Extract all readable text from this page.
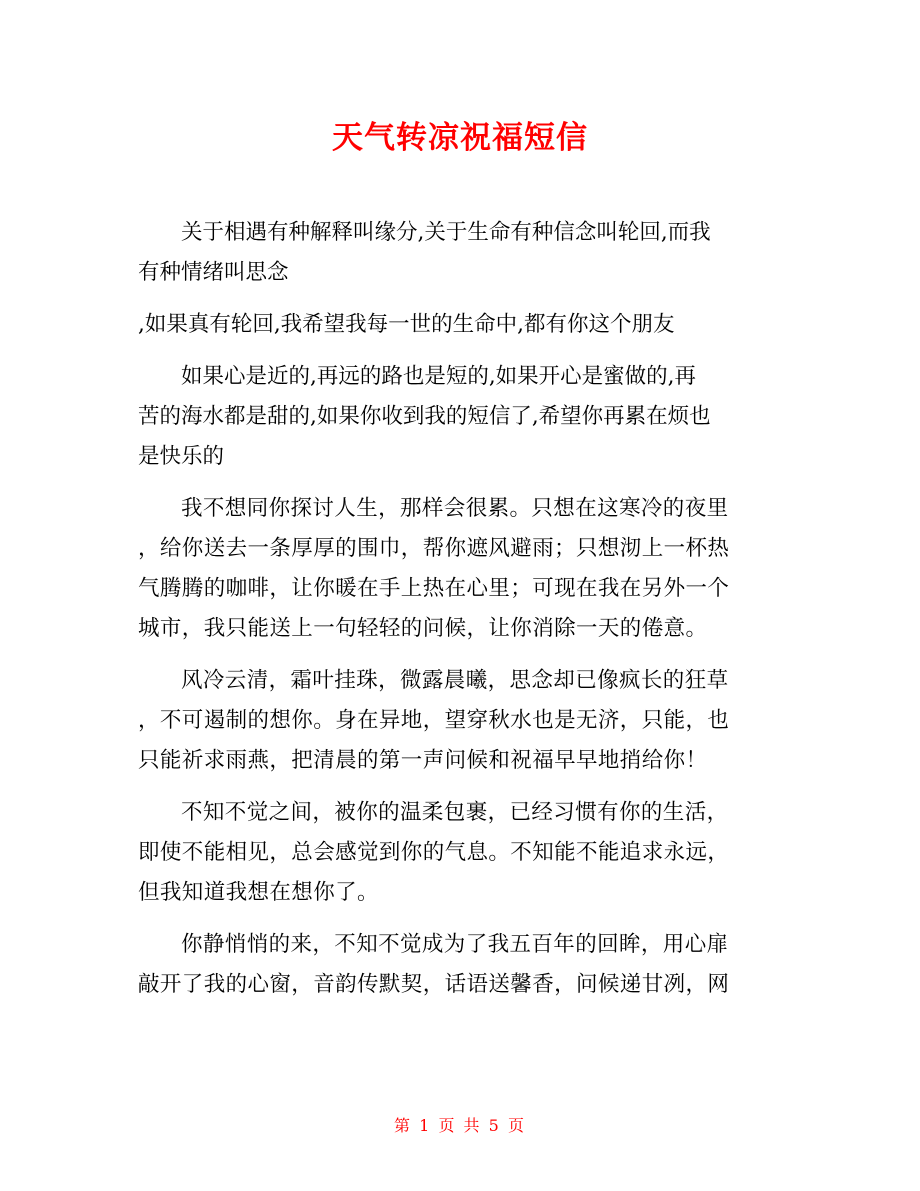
天气转凉祝福短信
关于相遇有种解释叫缘分,关于生命有种信念叫轮回,而我
有种情绪叫思念
,如果真有轮回,我希望我每一世的生命中,都有你这个朋友
如果心是近的,再远的路也是短的,如果开心是蜜做的,再
苦的海水都是甜的,如果你收到我的短信了,希望你再累在烦也
是快乐的
我不想同你探讨人生，那样会很累。只想在这寒冷的夜里
，给你送去一条厚厚的围巾，帮你遮风避雨；只想沏上一杯热
气腾腾的咖啡，让你暖在手上热在心里；可现在我在另外一个
城市，我只能送上一句轻轻的问候，让你消除一天的倦意。
风冷云清，霜叶挂珠，微露晨曦，思念却已像疯长的狂草
，不可遏制的想你。身在异地，望穿秋水也是无济，只能，也
只能祈求雨燕，把清晨的第一声问候和祝福早早地捎给你！
不知不觉之间，被你的温柔包裹，已经习惯有你的生活，
即使不能相见，总会感觉到你的气息。不知能不能追求永远，
但我知道我想在想你了。
你静悄悄的来，不知不觉成为了我五百年的回眸，用心扉
敲开了我的心窗，音韵传默契，话语送馨香，问候递甘冽，网
第 1 页 共 5 页
